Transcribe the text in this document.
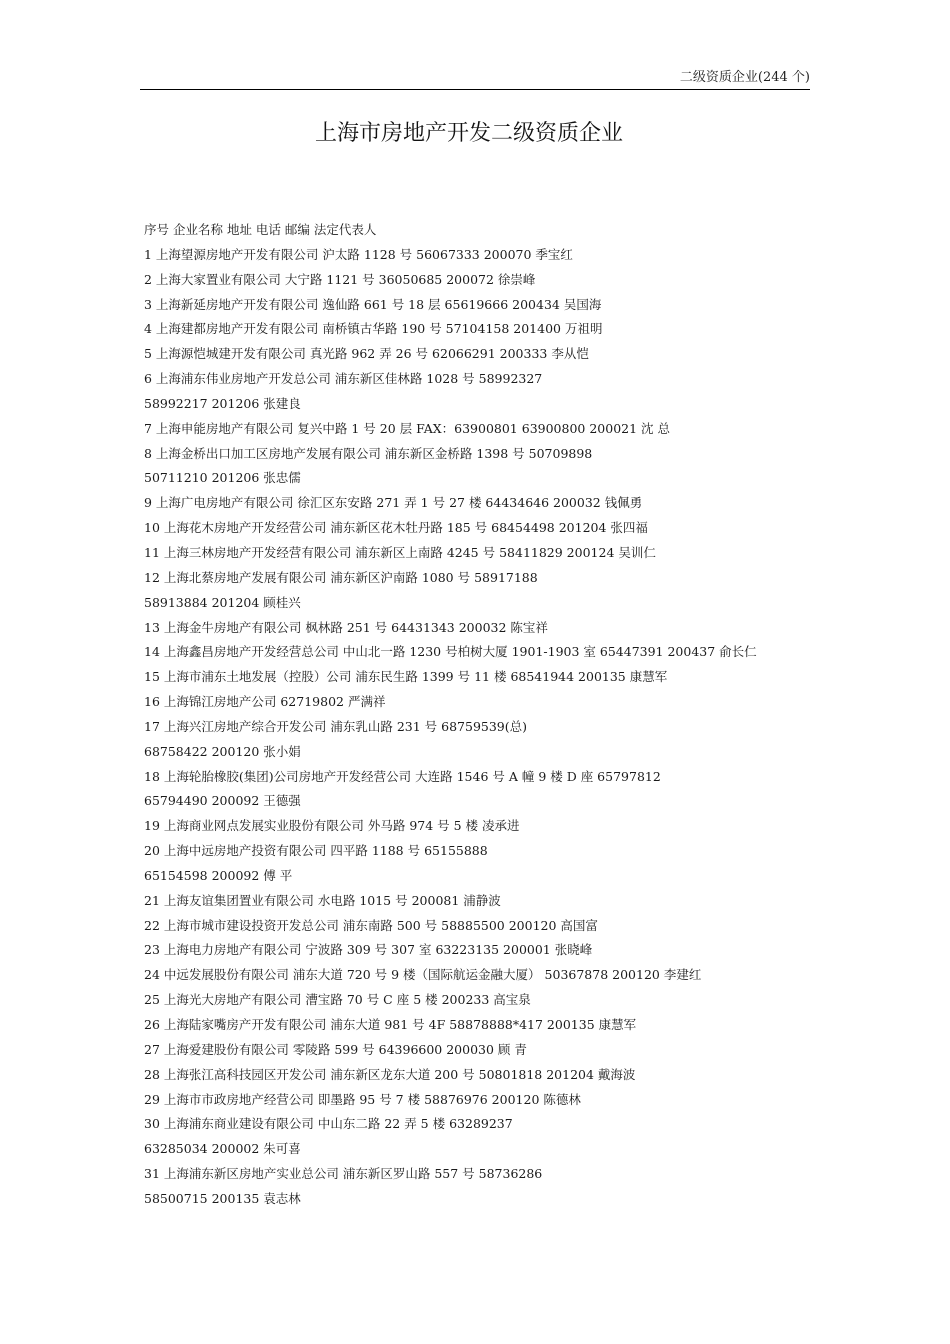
二级资质企业(244 个)
上海市房地产开发二级资质企业
序号 企业名称 地址 电话 邮编 法定代表人
1 上海望源房地产开发有限公司 沪太路 1128 号 56067333 200070 季宝红
2 上海大家置业有限公司 大宁路 1121 号 36050685 200072 徐崇峰
3 上海新延房地产开发有限公司 逸仙路 661 号 18 层 65619666 200434 吴国海
4 上海建都房地产开发有限公司 南桥镇古华路 190 号 57104158 201400 万祖明
5 上海源恺城建开发有限公司 真光路 962 弄 26 号 62066291 200333 李从恺
6 上海浦东伟业房地产开发总公司 浦东新区佳林路 1028 号 58992327
58992217 201206 张建良
7 上海申能房地产有限公司 复兴中路 1 号 20 层 FAX：63900801 63900800 200021 沈 总
8 上海金桥出口加工区房地产发展有限公司 浦东新区金桥路 1398 号 50709898
50711210 201206 张忠儒
9 上海广电房地产有限公司 徐汇区东安路 271 弄 1 号 27 楼 64434646 200032 钱佩勇
10 上海花木房地产开发经营公司 浦东新区花木牡丹路 185 号 68454498 201204 张四福
11 上海三林房地产开发经营有限公司 浦东新区上南路 4245 号 58411829 200124 吴训仁
12 上海北蔡房地产发展有限公司 浦东新区沪南路 1080 号 58917188
58913884 201204 顾桂兴
13 上海金牛房地产有限公司 枫林路 251 号 64431343 200032 陈宝祥
14 上海鑫昌房地产开发经营总公司 中山北一路 1230 号柏树大厦 1901-1903 室 65447391 200437 俞长仁
15 上海市浦东土地发展（控股）公司 浦东民生路 1399 号 11 楼 68541944 200135 康慧军
16 上海锦江房地产公司 62719802 严满祥
17 上海兴江房地产综合开发公司 浦东乳山路 231 号 68759539(总)
68758422 200120 张小娟
18 上海轮胎橡胶(集团)公司房地产开发经营公司 大连路 1546 号 A 幢 9 楼 D 座 65797812
65794490 200092 王德强
19 上海商业网点发展实业股份有限公司 外马路 974 号 5 楼 凌承进
20 上海中远房地产投资有限公司 四平路 1188 号 65155888
65154598 200092 傅 平
21 上海友谊集团置业有限公司 水电路 1015 号 200081 浦静波
22 上海市城市建设投资开发总公司 浦东南路 500 号 58885500 200120 高国富
23 上海电力房地产有限公司 宁波路 309 号 307 室 63223135 200001 张晓峰
24 中远发展股份有限公司 浦东大道 720 号 9 楼（国际航运金融大厦） 50367878 200120 李建红
25 上海光大房地产有限公司 漕宝路 70 号 C 座 5 楼 200233 高宝泉
26 上海陆家嘴房产开发有限公司 浦东大道 981 号 4F 58878888*417 200135 康慧军
27 上海爱建股份有限公司 零陵路 599 号 64396600 200030 顾 青
28 上海张江高科技园区开发公司 浦东新区龙东大道 200 号 50801818 201204 戴海波
29 上海市市政房地产经营公司 即墨路 95 号 7 楼 58876976 200120 陈德林
30 上海浦东商业建设有限公司 中山东二路 22 弄 5 楼 63289237
63285034 200002 朱可喜
31 上海浦东新区房地产实业总公司 浦东新区罗山路 557 号 58736286
58500715 200135 袁志林
